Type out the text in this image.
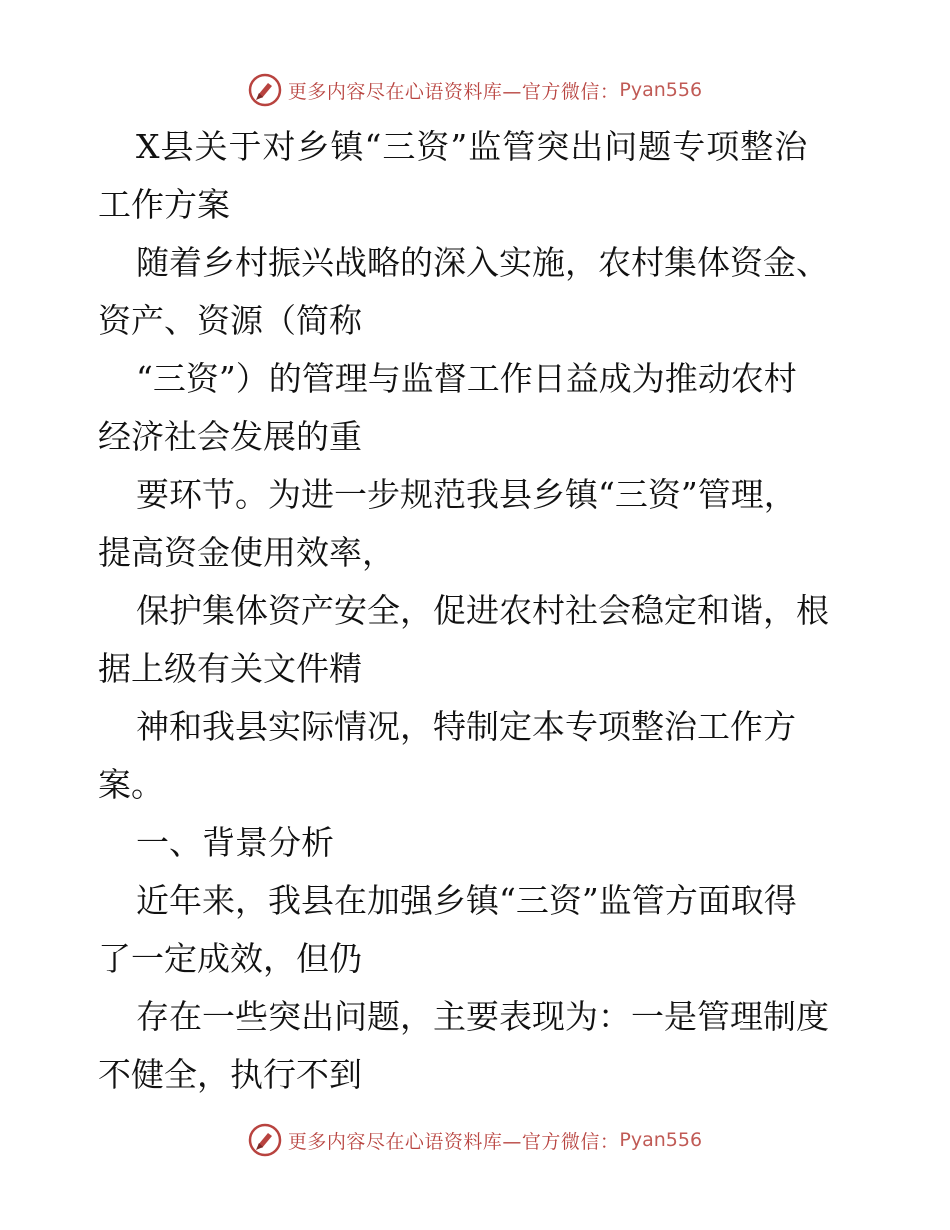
更多内容尽在心语资料库—官方微信： Pyan556

X县关于对乡镇“三资”监管突出问题专项整治

工作方案

随着乡村振兴战略的深入实施，农村集体资金、

资产、资源（简称

“三资”）的管理与监督工作日益成为推动农村

经济社会发展的重

要环节。为进一步规范我县乡镇“三资”管理，

提高资金使用效率，

保护集体资产安全，促进农村社会稳定和谐，根

据上级有关文件精

神和我县实际情况，特制定本专项整治工作方

案。

一、背景分析

近年来，我县在加强乡镇“三资”监管方面取得

了一定成效，但仍

存在一些突出问题，主要表现为：一是管理制度

不健全，执行不到

更多内容尽在心语资料库—官方微信： Pyan556
